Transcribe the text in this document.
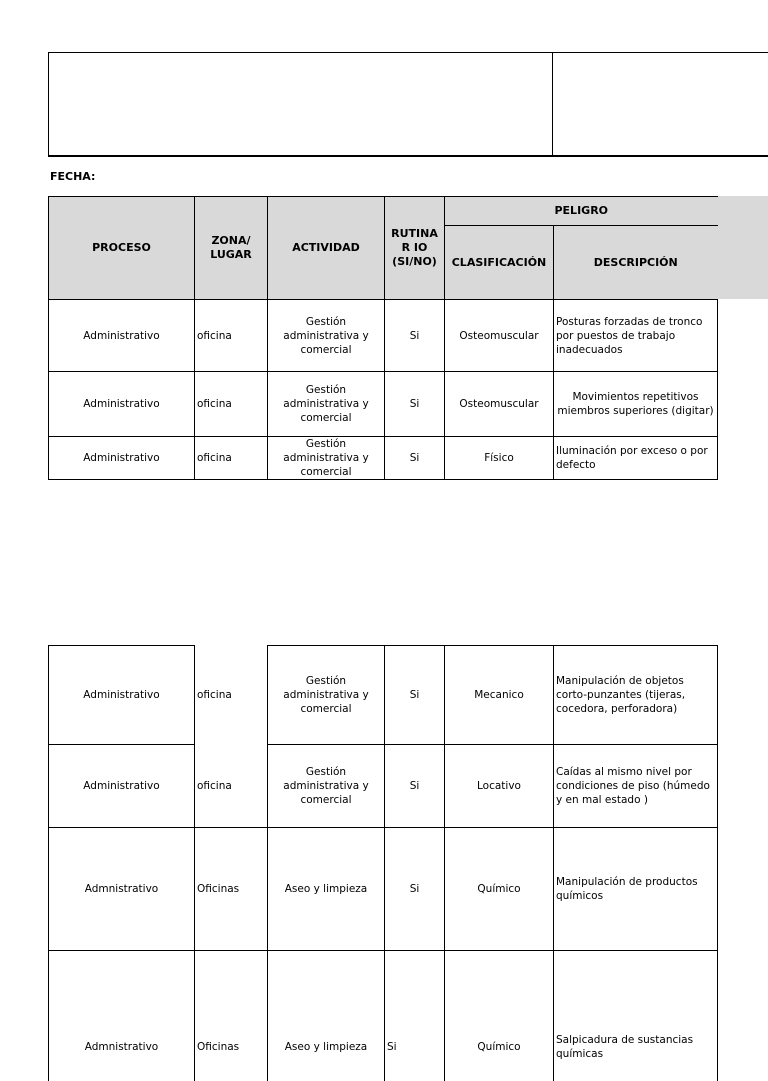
FECHA:
PROCESO	ZONA/ LUGAR	ACTIVIDAD	RUTINAR IO (SI/NO)	PELIGRO	
				CLASIFICACIÓN	DESCRIPCIÓN
Administrativo	oficina	Gestión administrativa y comercial	Si	Osteomuscular	Posturas forzadas de tronco por puestos de trabajo inadecuados
Administrativo	oficina	Gestión administrativa y comercial	Si	Osteomuscular	Movimientos repetitivos miembros superiores (digitar)
Administrativo	oficina	Gestión administrativa y comercial	Si	Físico	Iluminación por exceso o por defecto
Administrativo	oficina	Gestión administrativa y comercial	Si	Mecanico	Manipulación de objetos corto-punzantes (tijeras, cocedora, perforadora)
Administrativo	oficina	Gestión administrativa y comercial	Si	Locativo	Caídas al mismo nivel por condiciones de piso (húmedo y en mal estado )
Admnistrativo	Oficinas	Aseo y limpieza	Si	Químico	Manipulación de productos químicos
Admnistrativo	Oficinas	Aseo y limpieza	Si	Químico	Salpicadura de sustancias químicas
